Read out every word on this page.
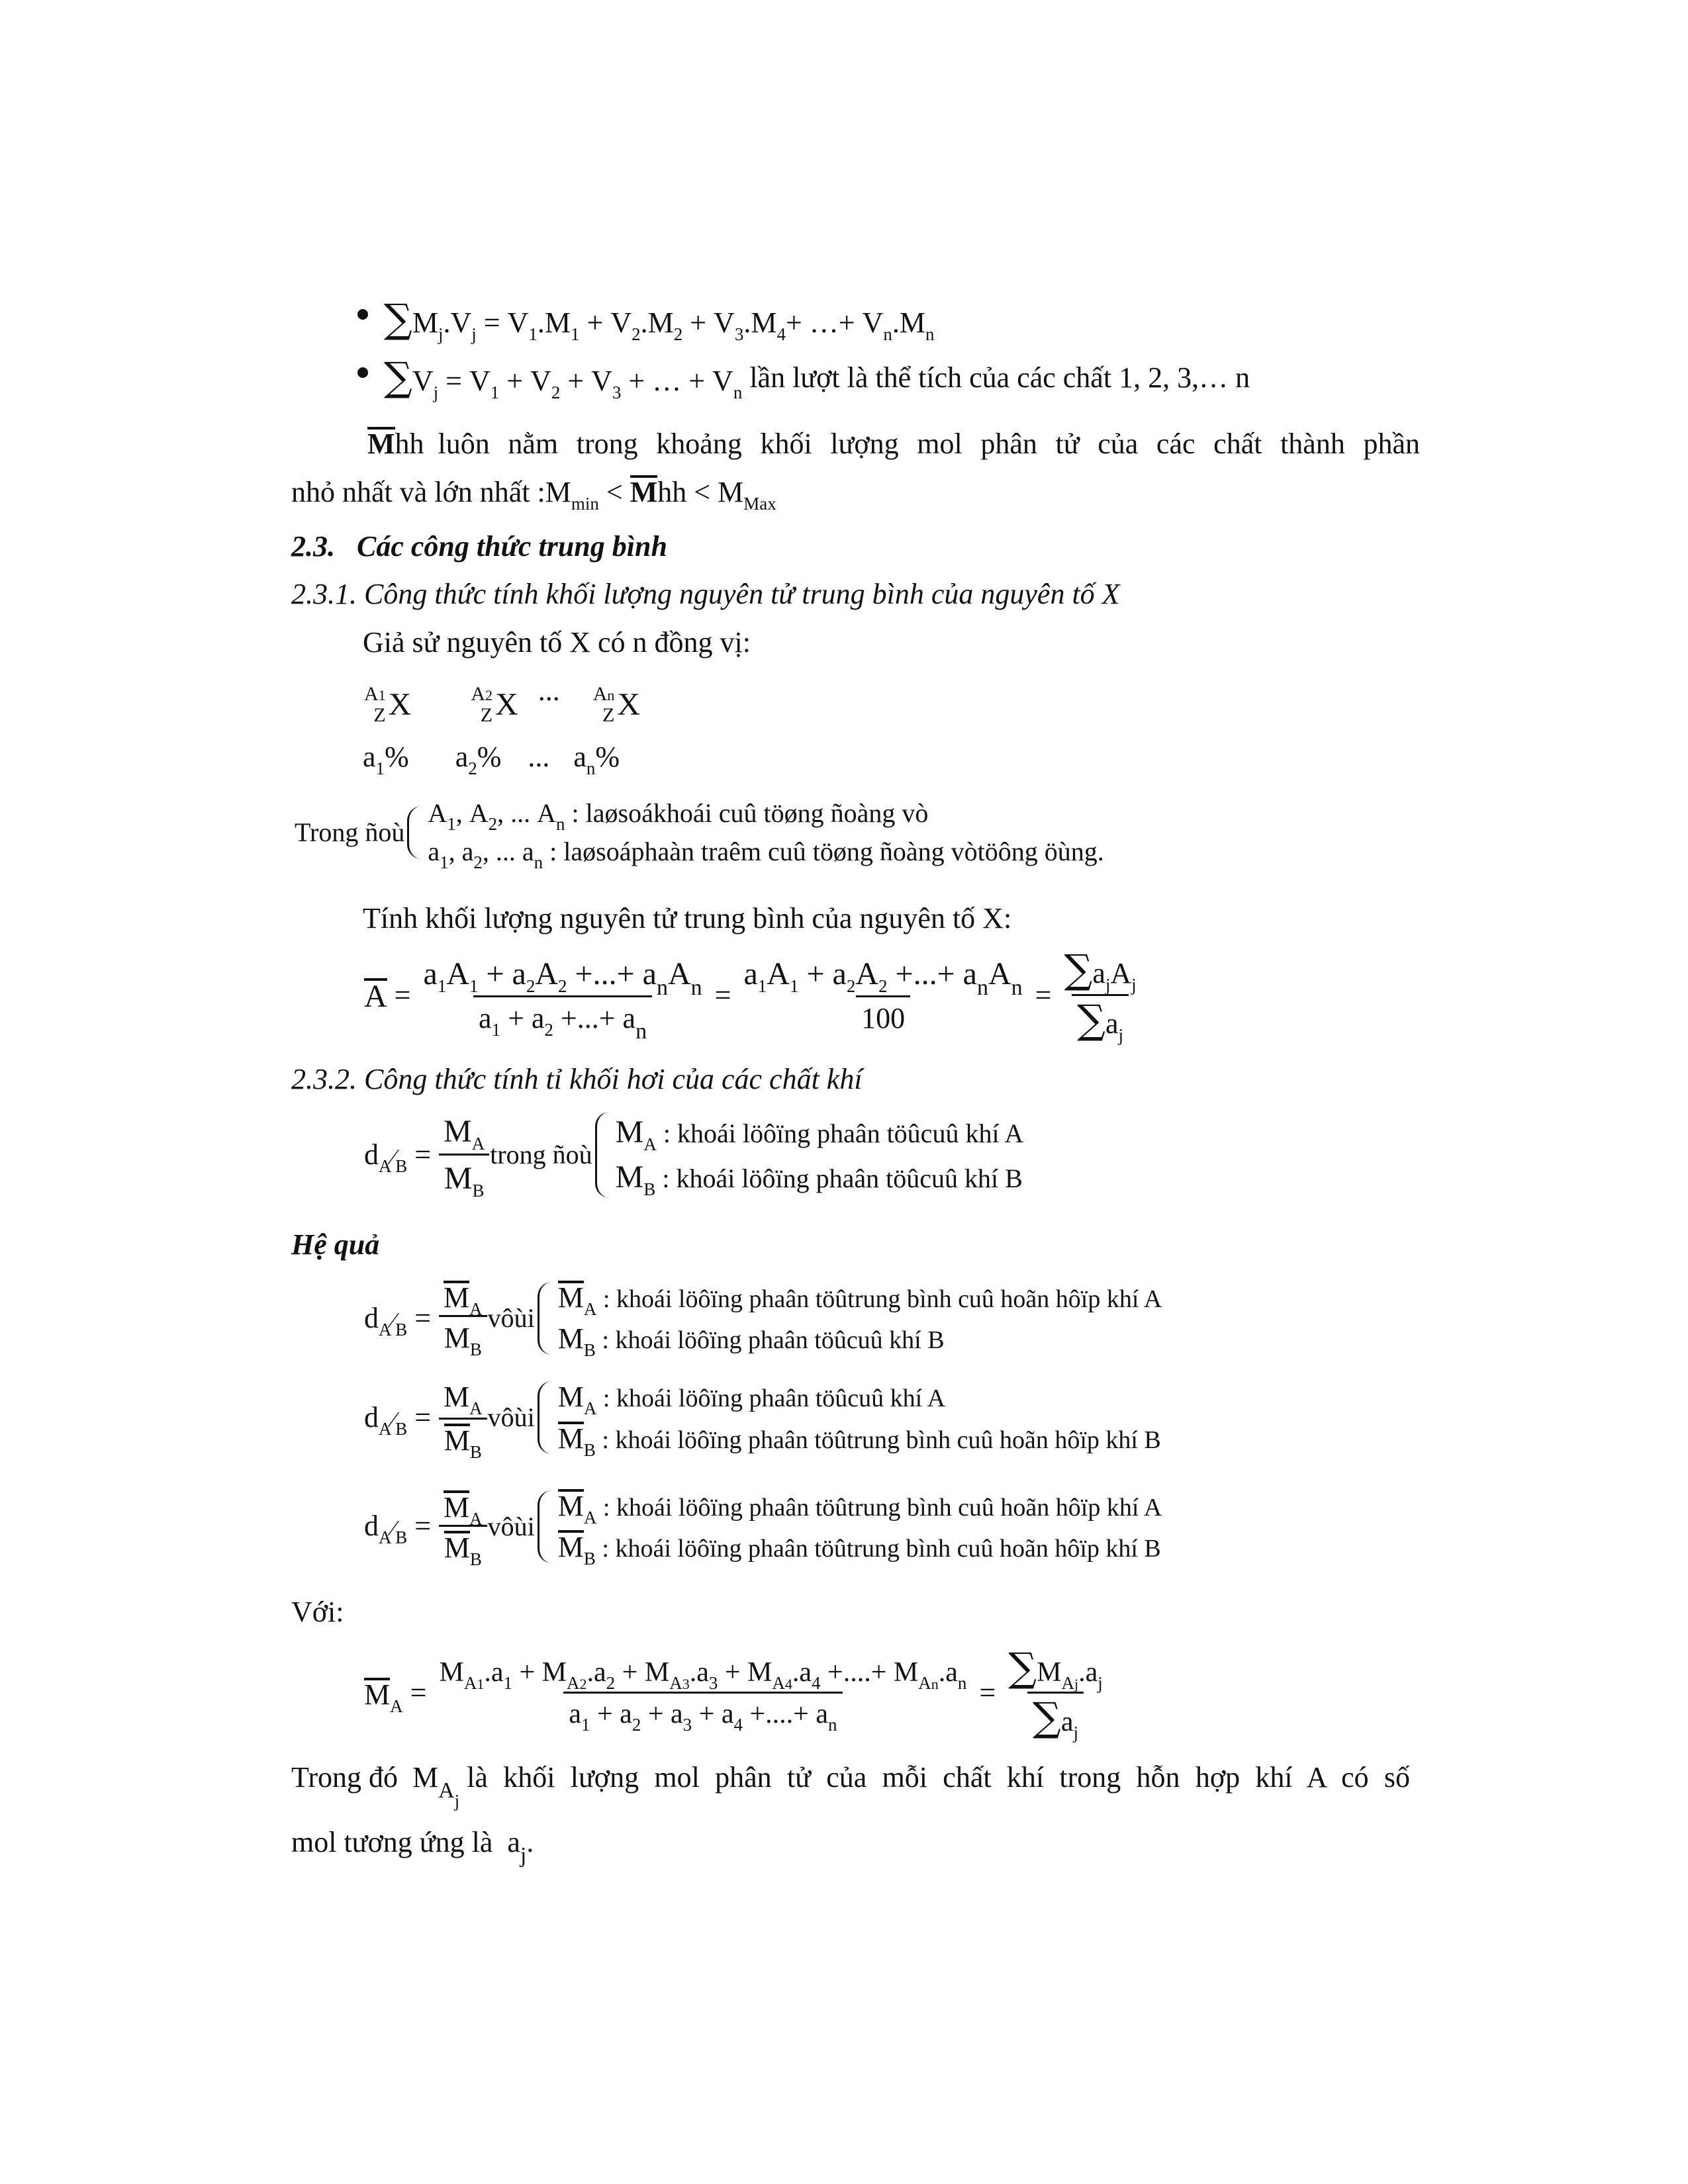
∑ M j .V j = V 1 .M 1 + V 2 .M 2 + V 3 .M 4 + …+ V n .M n
∑ V j = V 1 + V 2 + V 3 + … + V n
lần lượt là thể tích của các chất 1, 2, 3,… n
M hh luôn nằm trong khoảng khối lượng mol phân tử của các chất thành phần
nhỏ nhất và lớn nhất : M min < M hh < M Max
2.3. Các công thức trung bình
2.3.1. Công thức tính khối lượng nguyên tử trung bình của nguyên tố X
Giả sử nguyên tố X có n đồng vị:
A1
Z X	A2
Z X ... An
Z X
$a_1\%$ $a_2\%$ ... $a_n\%$
Trong ñoù
$A_1$, $A_2$, ... $A_n$ : laøsoákhoái cuû töøng ñoàng vò
$a_1$, $a_2$, ... $a_n$ : laøsoáphaàn traêm cuû töøng ñoàng vòtöông öùng.
Tính khối lượng nguyên tử trung bình của nguyên tố X:
$A = \frac{\text{a 1 A 1 + a 2 A 2 +...+ a n A n}}{\text{a 1 + a 2 +...+ a n}} = \frac{\text{a 1 A 1 + a 2 A 2 +...+ a n A n}}{100} = \frac{\text{∑ a j A j}}{\text{∑ a j}}$
2.3.2. Công thức tính tỉ khối hơi của các chất khí
d A ⁄ $B = \frac{\text{M A}}{\text{M B}}$ trong ñoù
M A : khoái löôïng phaân töûcuû khí A
M B : khoái löôïng phaân töûcuû khí B
Hệ quả
d A ⁄ $B = \frac{\text{M A}}{\text{M B}}$ vôùi
M A : khoái löôïng phaân töûtrung bình cuû hoãn hôïp khí A
M B : khoái löôïng phaân töûcuû khí B
d A ⁄ $B = \frac{\text{M A}}{\text{M B}}$ vôùi
M A : khoái löôïng phaân töûcuû khí A
M B : khoái löôïng phaân töûtrung bình cuû hoãn hôïp khí B
d A ⁄ $B = \frac{\text{M A}}{\text{M B}}$ vôùi
M A : khoái löôïng phaân töûtrung bình cuû hoãn hôïp khí A
M B : khoái löôïng phaân töûtrung bình cuû hoãn hôïp khí B
Với:
M $A = \frac{\text{M A1 .a 1 + M A2 .a 2 + M A3 .a 3 + M A4 .a 4 +....+ M An .a n}}{\text{a 1 + a 2 + a 3 + a 4 +....+ a n}} = \frac{\text{∑ M Aj .a j}}{\text{∑ a j}}$
Trong đó M A j

là khối lượng mol phân tử của mỗi chất khí trong hỗn hợp khí A có số
mol tương ứng là
a j .
